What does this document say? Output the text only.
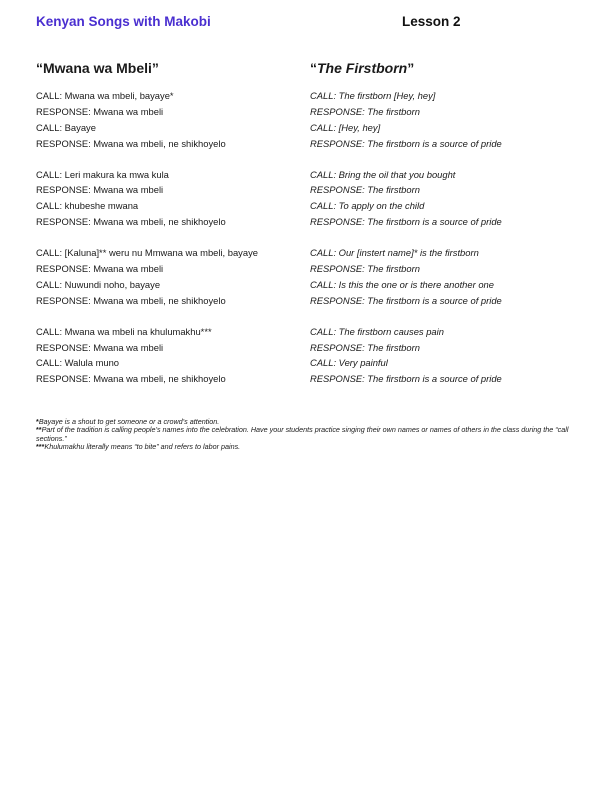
Kenyan Songs with Makobi	Lesson 2
“Mwana wa Mbeli”
CALL: Mwana wa mbeli, bayaye*
RESPONSE: Mwana wa mbeli
CALL: Bayaye
RESPONSE: Mwana wa mbeli, ne shikhoyelo
CALL: Leri makura ka mwa kula
RESPONSE: Mwana wa mbeli
CALL: khubeshe mwana
RESPONSE: Mwana wa mbeli, ne shikhoyelo
CALL: [Kaluna]** weru nu Mmwana wa mbeli, bayaye
RESPONSE: Mwana wa mbeli
CALL: Nuwundi noho, bayaye
RESPONSE: Mwana wa mbeli, ne shikhoyelo
CALL: Mwana wa mbeli na khulumakhu***
RESPONSE: Mwana wa mbeli
CALL: Walula muno
RESPONSE: Mwana wa mbeli, ne shikhoyelo
“The Firstborn”
CALL: The firstborn [Hey, hey]
RESPONSE: The firstborn
CALL: [Hey, hey]
RESPONSE: The firstborn is a source of pride
CALL: Bring the oil that you bought
RESPONSE: The firstborn
CALL: To apply on the child
RESPONSE: The firstborn is a source of pride
CALL: Our [instert name]* is the firstborn
RESPONSE: The firstborn
CALL: Is this the one or is there another one
RESPONSE: The firstborn is a source of pride
CALL: The firstborn causes pain
RESPONSE: The firstborn
CALL: Very painful
RESPONSE: The firstborn is a source of pride

*Bayaye is a shout to get someone or a crowd’s attention.

**Part of the tradition is calling people’s names into the celebration. Have your students practice singing their own names or names of others in the class during the “call sections.”

***Khulumakhu literally means “to bite” and refers to labor pains.
